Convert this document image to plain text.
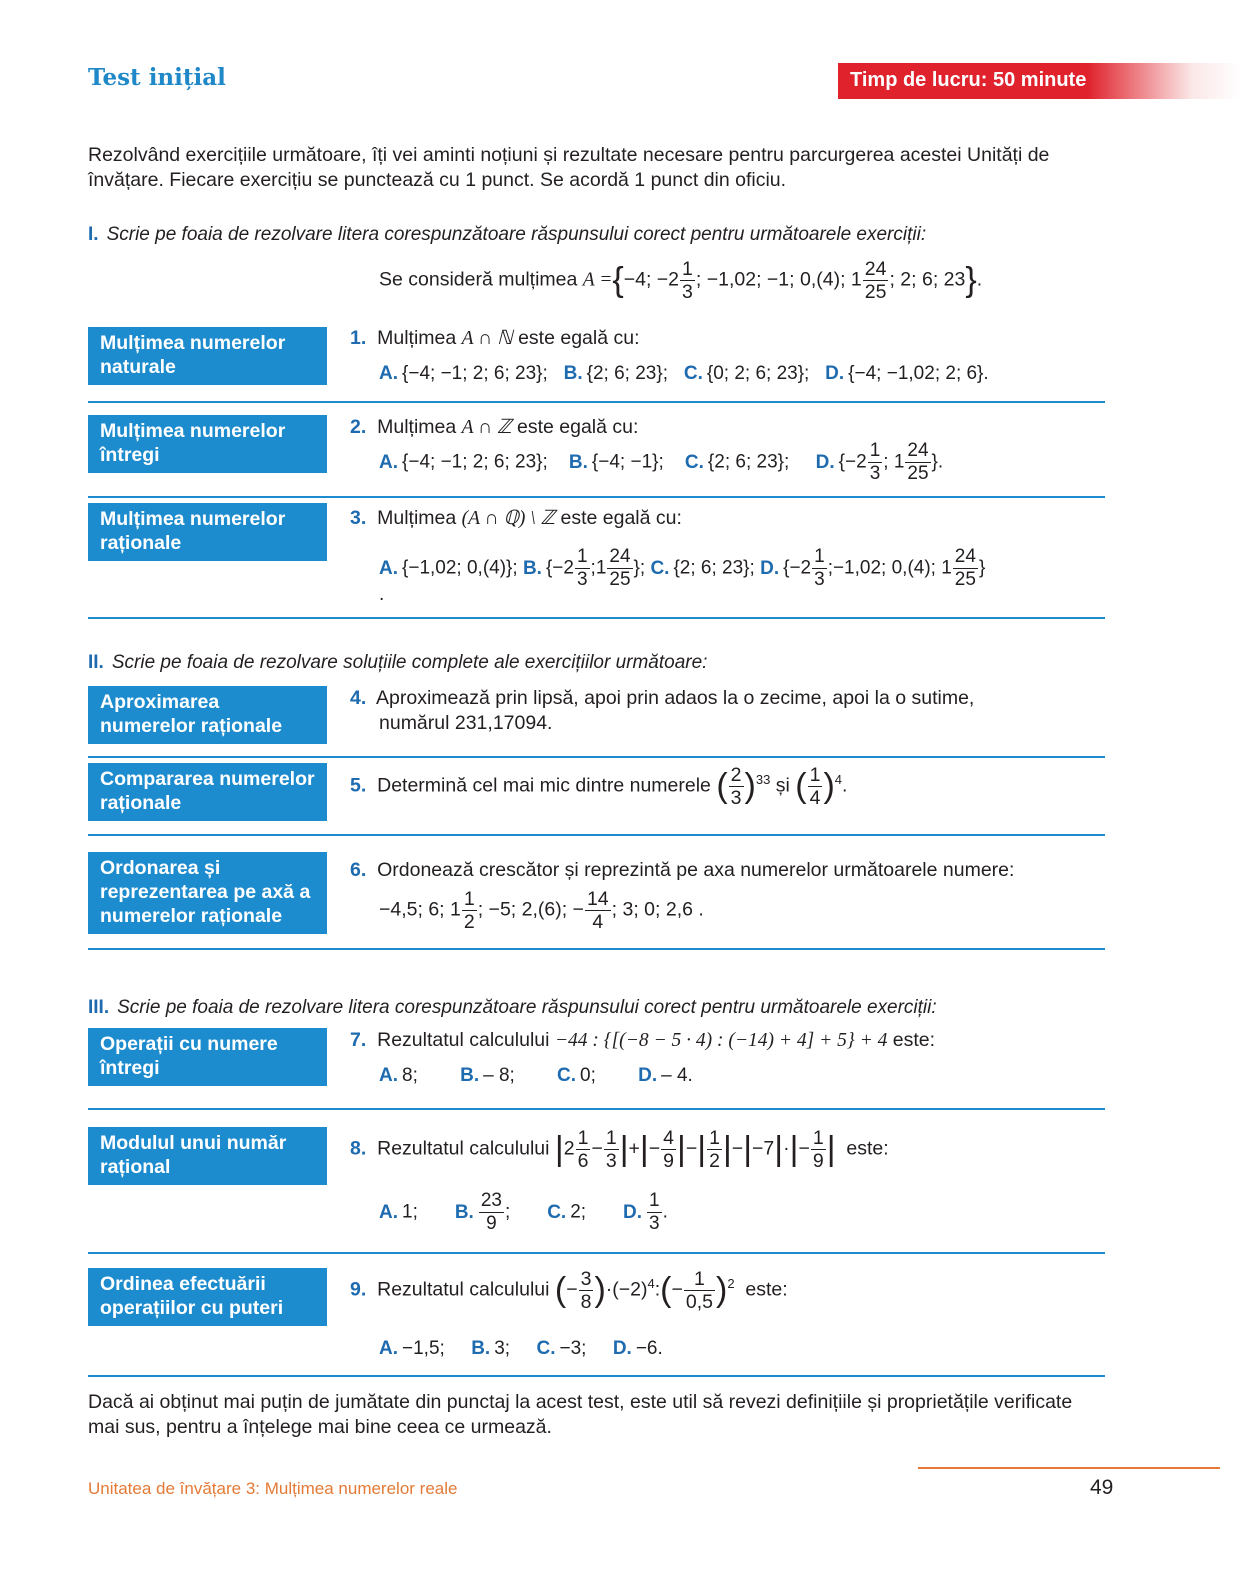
Test inițial	Timp de lucru: 50 minute
Rezolvând exercițiile următoare, îți vei aminti noțiuni și rezultate necesare pentru parcurgerea acestei Unități de învățare. Fiecare exercițiu se punctează cu 1 punct. Se acordă 1 punct din oficiu.
I. Scrie pe foaia de rezolvare litera corespunzătoare răspunsului corect pentru următoarele exerciții:
Se consideră mulțimea A ={−4; $-2 \frac{1}{3}$ ; −1,02; −1; 0,(4); $1 \frac{24}{25}$ ; 2; 6; 23}.
Mulțimea numerelor naturale
1. Mulțimea A ∩ ℕ este egală cu:
A. {−4; −1; 2; 6; 23}; B. {2; 6; 23}; C. {0; 2; 6; 23}; D. {−4; −1,02; 2; 6}.
Mulțimea numerelor întregi
2. Mulțimea A ∩ ℤ este egală cu:
A. {−4; −1; 2; 6; 23}; B. {−4; −1}; C. {2; 6; 23}; D. {$-2 \frac{1}{3}$ ; $1 \frac{24}{25}$ }.
Mulțimea numerelor raționale
3. Mulțimea (A ∩ ℚ) \ ℤ este egală cu:
A. {−1,02; 0,(4)}; B. {$-2 \frac{1}{3}$ ;1 $\frac{24}{25}$ }; C. {2; 6; 23}; D. {$-2 \frac{1}{3}$ ;−1,02; 0,(4); $1 \frac{24}{25}$ }
.
II. Scrie pe foaia de rezolvare soluțiile complete ale exercițiilor următoare:
Aproximarea numerelor raționale
4. Aproximează prin lipsă, apoi prin adaos la o zecime, apoi la o sutime,
numărul 231,17094.
Compararea numerelor raționale
5. Determină cel mai mic dintre numerele ( $\frac{2}{3} )^{33}$ și ( $\frac{1}{4} )^4$.
Ordonarea și reprezentarea pe axă a numerelor raționale
6. Ordonează crescător și reprezintă pe axa numerelor următoarele numere:
−4,5; 6; $1 \frac{1}{2}$ ; −5; 2,(6); − $\frac{14}{4}$ ; 3; 0; 2,6 .
III. Scrie pe foaia de rezolvare litera corespunzătoare răspunsului corect pentru următoarele exerciții:
Operații cu numere întregi
7. Rezultatul calculului −44 : {[(−8 − 5 · 4) : (−14) + 4] + 5} + 4 este:
A. 8; B. – 8; C. 0; D. – 4.
Modulul unui număr rațional
8. Rezultatul calculului $|2 \frac{1}{6} - \frac{1}{3}$ |+|− $\frac{4}{9}$ |−| $\frac{1}{2} |-|-7|\cdot|- \frac{1}{9}$ | este:
A. 1; B. $\frac{23}{9}$ ; C. 2; D. $\frac{1}{3}$ .
Ordinea efectuării operațiilor cu puteri
9. Rezultatul calculului (− $\frac{3}{8}$ )$\cdot(-2)^4:(- \frac{1}{0,5} )^2$ este:
A. −1,5; B. 3; C. −3; D. −6.
Dacă ai obținut mai puțin de jumătate din punctaj la acest test, este util să revezi definițiile și proprietățile verificate mai sus, pentru a înțelege mai bine ceea ce urmează.
Unitatea de învățare 3: Mulțimea numerelor reale	49
